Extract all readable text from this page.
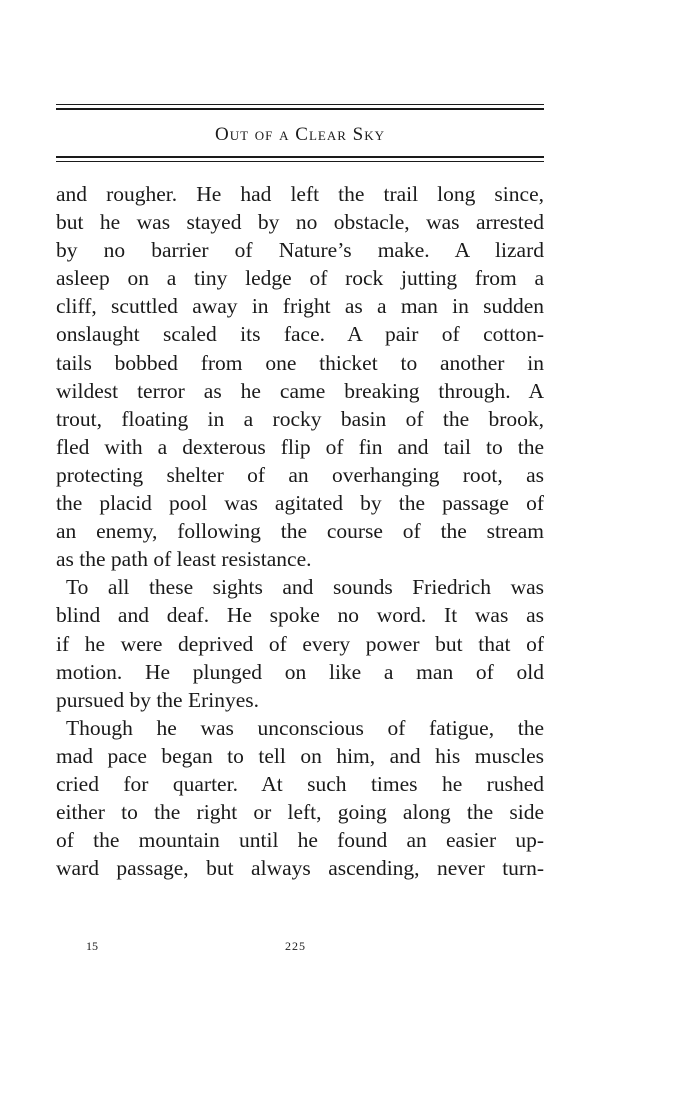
Out of a Clear Sky
and rougher. He had left the trail long since,
but he was stayed by no obstacle, was arrested
by no barrier of Nature’s make. A lizard
asleep on a tiny ledge of rock jutting from a
cliff, scuttled away in fright as a man in sudden
onslaught scaled its face. A pair of cotton-
tails bobbed from one thicket to another in
wildest terror as he came breaking through. A
trout, floating in a rocky basin of the brook,
fled with a dexterous flip of fin and tail to the
protecting shelter of an overhanging root, as
the placid pool was agitated by the passage of
an enemy, following the course of the stream
as the path of least resistance.
To all these sights and sounds Friedrich was
blind and deaf. He spoke no word. It was as
if he were deprived of every power but that of
motion. He plunged on like a man of old
pursued by the Erinyes.
Though he was unconscious of fatigue, the
mad pace began to tell on him, and his muscles
cried for quarter. At such times he rushed
either to the right or left, going along the side
of the mountain until he found an easier up-
ward passage, but always ascending, never turn-
15	225
